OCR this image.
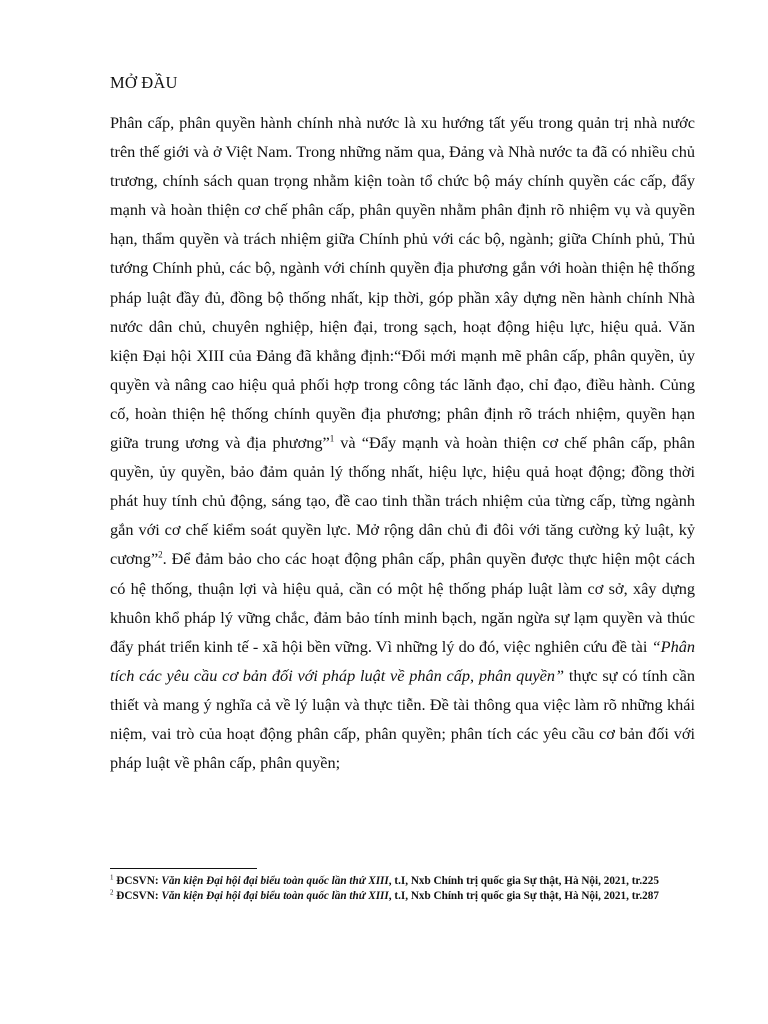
MỞ ĐẦU

Phân cấp, phân quyền hành chính nhà nước là xu hướng tất yếu trong quản trị nhà nước trên thế giới và ở Việt Nam. Trong những năm qua, Đảng và Nhà nước ta đã có nhiều chủ trương, chính sách quan trọng nhằm kiện toàn tổ chức bộ máy chính quyền các cấp, đẩy mạnh và hoàn thiện cơ chế phân cấp, phân quyền nhằm phân định rõ nhiệm vụ và quyền hạn, thẩm quyền và trách nhiệm giữa Chính phủ với các bộ, ngành; giữa Chính phủ, Thủ tướng Chính phủ, các bộ, ngành với chính quyền địa phương gắn với hoàn thiện hệ thống pháp luật đầy đủ, đồng bộ thống nhất, kịp thời, góp phần xây dựng nền hành chính Nhà nước dân chủ, chuyên nghiệp, hiện đại, trong sạch, hoạt động hiệu lực, hiệu quả. Văn kiện Đại hội XIII của Đảng đã khẳng định:“Đổi mới mạnh mẽ phân cấp, phân quyền, ủy quyền và nâng cao hiệu quả phối hợp trong công tác lãnh đạo, chỉ đạo, điều hành. Củng cố, hoàn thiện hệ thống chính quyền địa phương; phân định rõ trách nhiệm, quyền hạn giữa trung ương và địa phương”$^1$ và “Đẩy mạnh và hoàn thiện cơ chế phân cấp, phân quyền, ủy quyền, bảo đảm quản lý thống nhất, hiệu lực, hiệu quả hoạt động; đồng thời phát huy tính chủ động, sáng tạo, đề cao tinh thần trách nhiệm của từng cấp, từng ngành gắn với cơ chế kiểm soát quyền lực. Mở rộng dân chủ đi đôi với tăng cường kỷ luật, kỷ cương”$^2$. Để đảm bảo cho các hoạt động phân cấp, phân quyền được thực hiện một cách có hệ thống, thuận lợi và hiệu quả, cần có một hệ thống pháp luật làm cơ sở, xây dựng khuôn khổ pháp lý vững chắc, đảm bảo tính minh bạch, ngăn ngừa sự lạm quyền và thúc đẩy phát triển kinh tế - xã hội bền vững. Vì những lý do đó, việc nghiên cứu đề tài “Phân tích các yêu cầu cơ bản đối với pháp luật về phân cấp, phân quyền” thực sự có tính cần thiết và mang ý nghĩa cả về lý luận và thực tiễn. Đề tài thông qua việc làm rõ những khái niệm, vai trò của hoạt động phân cấp, phân quyền; phân tích các yêu cầu cơ bản đối với pháp luật về phân cấp, phân quyền;

$^1$ ĐCSVN: Văn kiện Đại hội đại biểu toàn quốc lần thứ XIII, t.I, Nxb Chính trị quốc gia Sự thật, Hà Nội, 2021, tr.225

$^2$ ĐCSVN: Văn kiện Đại hội đại biểu toàn quốc lần thứ XIII, t.I, Nxb Chính trị quốc gia Sự thật, Hà Nội, 2021, tr.287
